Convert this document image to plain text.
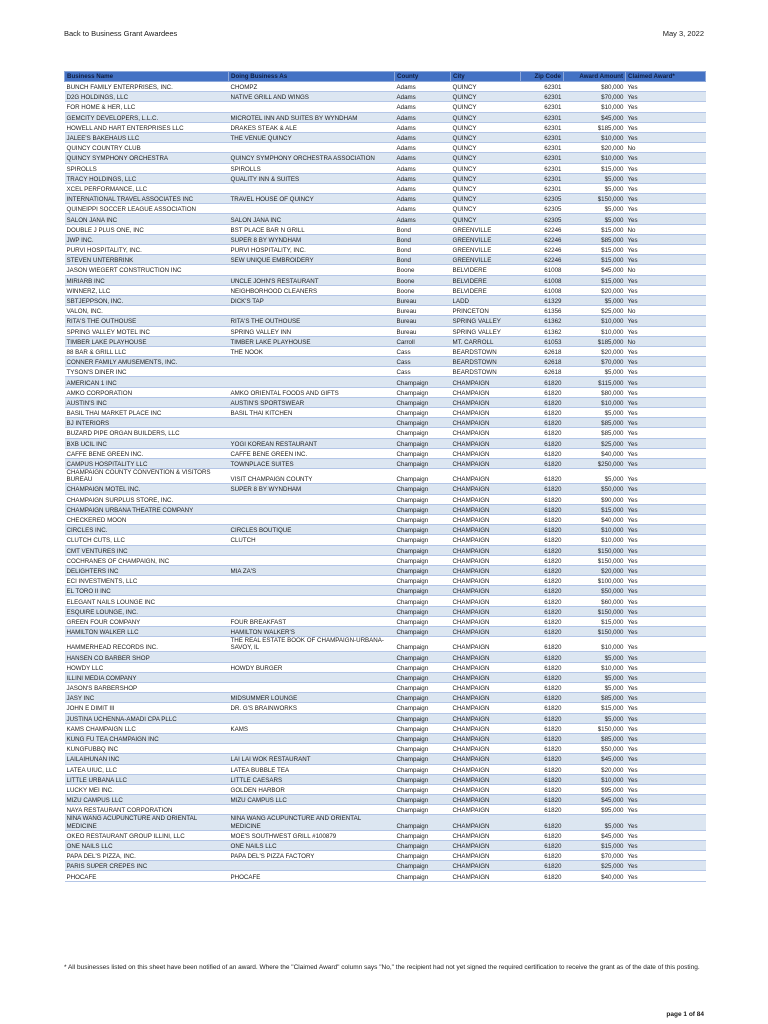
Back to Business Grant Awardees	May 3, 2022
Business Name	Doing Business As	County	City	Zip Code	Award Amount	Claimed Award*
BUNCH FAMILY ENTERPRISES, INC.	CHOMPZ	Adams	QUINCY	62301	$80,000	Yes
D2G HOLDINGS, LLC	NATIVE GRILL AND WINGS	Adams	QUINCY	62301	$70,000	Yes
FOR HOME & HER, LLC		Adams	QUINCY	62301	$10,000	Yes
GEMCITY DEVELOPERS, L.L.C.	MICROTEL INN AND SUITES BY WYNDHAM	Adams	QUINCY	62301	$45,000	Yes
HOWELL AND HART ENTERPRISES LLC	DRAKES STEAK & ALE	Adams	QUINCY	62301	$185,000	Yes
JALEE'S BAKEHAUS LLC	THE VENUE QUINCY	Adams	QUINCY	62301	$10,000	Yes
QUINCY COUNTRY CLUB		Adams	QUINCY	62301	$20,000	No
QUINCY SYMPHONY ORCHESTRA	QUINCY SYMPHONY ORCHESTRA ASSOCIATION	Adams	QUINCY	62301	$10,000	Yes
SPIROLLS	SPIROLLS	Adams	QUINCY	62301	$15,000	Yes
TRACY HOLDINGS, LLC	QUALITY INN & SUITES	Adams	QUINCY	62301	$5,000	Yes
XCEL PERFORMANCE, LLC		Adams	QUINCY	62301	$5,000	Yes
INTERNATIONAL TRAVEL ASSOCIATES INC	TRAVEL HOUSE OF QUINCY	Adams	QUINCY	62305	$150,000	Yes
QUINEIPPI SOCCER LEAGUE ASSOCIATION		Adams	QUINCY	62305	$5,000	Yes
SALON JANA INC	SALON JANA INC	Adams	QUINCY	62305	$5,000	Yes
DOUBLE J PLUS ONE, INC	BST PLACE BAR N GRILL	Bond	GREENVILLE	62246	$15,000	No
JWP INC.	SUPER 8 BY WYNDHAM	Bond	GREENVILLE	62246	$85,000	Yes
PURVI HOSPITALITY, INC.	PURVI HOSPITALITY, INC.	Bond	GREENVILLE	62246	$15,000	Yes
STEVEN UNTERBRINK	SEW UNIQUE EMBROIDERY	Bond	GREENVILLE	62246	$15,000	Yes
JASON WIEGERT CONSTRUCTION INC		Boone	BELVIDERE	61008	$45,000	No
MIRIARB INC	UNCLE JOHN'S RESTAURANT	Boone	BELVIDERE	61008	$15,000	Yes
WINNERZ, LLC	NEIGHBORHOOD CLEANERS	Boone	BELVIDERE	61008	$20,000	Yes
SBTJEPPSON, INC.	DICK'S TAP	Bureau	LADD	61329	$5,000	Yes
VALON, INC.		Bureau	PRINCETON	61356	$25,000	No
RITA'S THE OUTHOUSE	RITA'S THE OUTHOUSE	Bureau	SPRING VALLEY	61362	$10,000	Yes
SPRING VALLEY MOTEL INC	SPRING VALLEY INN	Bureau	SPRING VALLEY	61362	$10,000	Yes
TIMBER LAKE PLAYHOUSE	TIMBER LAKE PLAYHOUSE	Carroll	MT. CARROLL	61053	$185,000	No
88 BAR & GRILL LLC	THE NOOK	Cass	BEARDSTOWN	62618	$20,000	Yes
CONNER FAMILY AMUSEMENTS, INC.		Cass	BEARDSTOWN	62618	$70,000	Yes
TYSON'S DINER INC		Cass	BEARDSTOWN	62618	$5,000	Yes
AMERICAN 1 INC		Champaign	CHAMPAIGN	61820	$115,000	Yes
AMKO CORPORATION	AMKO ORIENTAL FOODS AND GIFTS	Champaign	CHAMPAIGN	61820	$80,000	Yes
AUSTIN'S INC	AUSTIN'S SPORTSWEAR	Champaign	CHAMPAIGN	61820	$10,000	Yes
BASIL THAI MARKET PLACE INC	BASIL THAI KITCHEN	Champaign	CHAMPAIGN	61820	$5,000	Yes
BJ INTERIORS		Champaign	CHAMPAIGN	61820	$85,000	Yes
BUZARD PIPE ORGAN BUILDERS, LLC		Champaign	CHAMPAIGN	61820	$85,000	Yes
BXB UCIL INC	YOGI KOREAN RESTAURANT	Champaign	CHAMPAIGN	61820	$25,000	Yes
CAFFE BENE GREEN INC.	CAFFE BENE GREEN INC.	Champaign	CHAMPAIGN	61820	$40,000	Yes
CAMPUS HOSPITALITY LLC	TOWNPLACE SUITES	Champaign	CHAMPAIGN	61820	$250,000	Yes
CHAMPAIGN COUNTY CONVENTION & VISITORS BUREAU	VISIT CHAMPAIGN COUNTY	Champaign	CHAMPAIGN	61820	$5,000	Yes
CHAMPAIGN MOTEL INC.	SUPER 8 BY WYNDHAM	Champaign	CHAMPAIGN	61820	$50,000	Yes
CHAMPAIGN SURPLUS STORE, INC.		Champaign	CHAMPAIGN	61820	$90,000	Yes
CHAMPAIGN URBANA THEATRE COMPANY		Champaign	CHAMPAIGN	61820	$15,000	Yes
CHECKERED MOON		Champaign	CHAMPAIGN	61820	$40,000	Yes
CIRCLES INC.	CIRCLES BOUTIQUE	Champaign	CHAMPAIGN	61820	$10,000	Yes
CLUTCH CUTS, LLC	CLUTCH	Champaign	CHAMPAIGN	61820	$10,000	Yes
CMT VENTURES INC		Champaign	CHAMPAIGN	61820	$150,000	Yes
COCHRANES OF CHAMPAIGN, INC		Champaign	CHAMPAIGN	61820	$150,000	Yes
DELIGHTERS INC	MIA ZA'S	Champaign	CHAMPAIGN	61820	$20,000	Yes
ECI INVESTMENTS, LLC		Champaign	CHAMPAIGN	61820	$100,000	Yes
EL TORO II INC		Champaign	CHAMPAIGN	61820	$50,000	Yes
ELEGANT NAILS LOUNGE INC		Champaign	CHAMPAIGN	61820	$60,000	Yes
ESQUIRE LOUNGE, INC.		Champaign	CHAMPAIGN	61820	$150,000	Yes
GREEN FOUR COMPANY	FOUR BREAKFAST	Champaign	CHAMPAIGN	61820	$15,000	Yes
HAMILTON WALKER LLC	HAMILTON WALKER'S	Champaign	CHAMPAIGN	61820	$150,000	Yes
HAMMERHEAD RECORDS INC.	THE REAL ESTATE BOOK OF CHAMPAIGN-URBANA-SAVOY, IL	Champaign	CHAMPAIGN	61820	$10,000	Yes
HANSEN CO BARBER SHOP		Champaign	CHAMPAIGN	61820	$5,000	Yes
HOWDY LLC	HOWDY BURGER	Champaign	CHAMPAIGN	61820	$10,000	Yes
ILLINI MEDIA COMPANY		Champaign	CHAMPAIGN	61820	$5,000	Yes
JASON'S BARBERSHOP		Champaign	CHAMPAIGN	61820	$5,000	Yes
JASY INC	MIDSUMMER LOUNGE	Champaign	CHAMPAIGN	61820	$85,000	Yes
JOHN E DIMIT III	DR. G'S BRAINWORKS	Champaign	CHAMPAIGN	61820	$15,000	Yes
JUSTINA UCHENNA-AMADI CPA PLLC		Champaign	CHAMPAIGN	61820	$5,000	Yes
KAMS CHAMPAIGN LLC	KAMS	Champaign	CHAMPAIGN	61820	$150,000	Yes
KUNG FU TEA CHAMPAIGN INC		Champaign	CHAMPAIGN	61820	$85,000	Yes
KUNGFUBBQ INC		Champaign	CHAMPAIGN	61820	$50,000	Yes
LAILAIHUNAN INC	LAI LAI WOK RESTAURANT	Champaign	CHAMPAIGN	61820	$45,000	Yes
LATEA UIUC, LLC	LATEA BUBBLE TEA	Champaign	CHAMPAIGN	61820	$20,000	Yes
LITTLE URBANA LLC	LITTLE CAESARS	Champaign	CHAMPAIGN	61820	$10,000	Yes
LUCKY MEI INC.	GOLDEN HARBOR	Champaign	CHAMPAIGN	61820	$95,000	Yes
MIZU CAMPUS LLC	MIZU CAMPUS LLC	Champaign	CHAMPAIGN	61820	$45,000	Yes
NAYA RESTAURANT CORPORATION		Champaign	CHAMPAIGN	61820	$95,000	Yes
NINA WANG ACUPUNCTURE AND ORIENTAL MEDICINE	NINA WANG ACUPUNCTURE AND ORIENTAL MEDICINE	Champaign	CHAMPAIGN	61820	$5,000	Yes
OKEO RESTAURANT GROUP ILLINI, LLC	MOE'S SOUTHWEST GRILL #100879	Champaign	CHAMPAIGN	61820	$45,000	Yes
ONE NAILS LLC	ONE NAILS LLC	Champaign	CHAMPAIGN	61820	$15,000	Yes
PAPA DEL'S PIZZA, INC.	PAPA DEL'S PIZZA FACTORY	Champaign	CHAMPAIGN	61820	$70,000	Yes
PARIS SUPER CREPES INC		Champaign	CHAMPAIGN	61820	$25,000	Yes
PHOCAFE	PHOCAFE	Champaign	CHAMPAIGN	61820	$40,000	Yes
* All businesses listed on this sheet have been notified of an award. Where the "Claimed Award" column says "No," the recipient had not yet signed the required certification to receive the grant as of the date of this posting.
page 1 of 84
